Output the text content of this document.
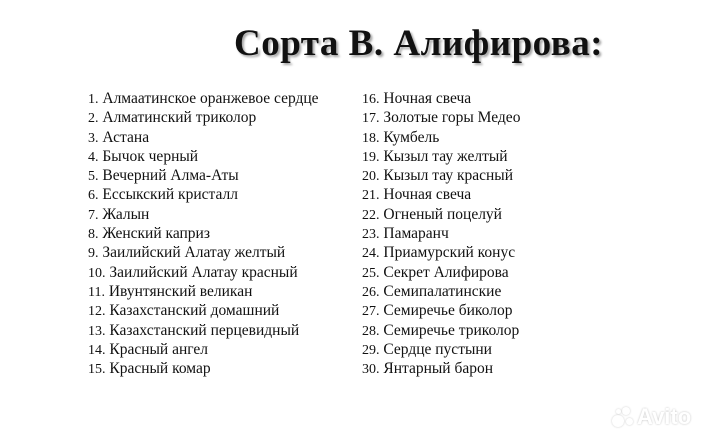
Сорта В. Алифирова:
1. Алмаатинское оранжевое сердце
2. Алматинский триколор
3. Астана
4. Бычок черный
5. Вечерний Алма-Аты
6. Ессыкский кристалл
7. Жалын
8. Женский каприз
9. Заилийский Алатау желтый
10. Заилийский Алатау красный
11. Ивунтянский великан
12. Казахстанский домашний
13. Казахстанский перцевидный
14. Красный ангел
15. Красный комар
16. Ночная свеча
17. Золотые горы Медео
18. Кумбель
19. Кызыл тау желтый
20. Кызыл тау красный
21. Ночная свеча
22. Огненый поцелуй
23. Памаранч
24. Приамурский конус
25. Секрет Алифирова
26. Семипалатинские
27. Семиречье биколор
28. Семиречье триколор
29. Сердце пустыни
30. Янтарный барон
Avito
